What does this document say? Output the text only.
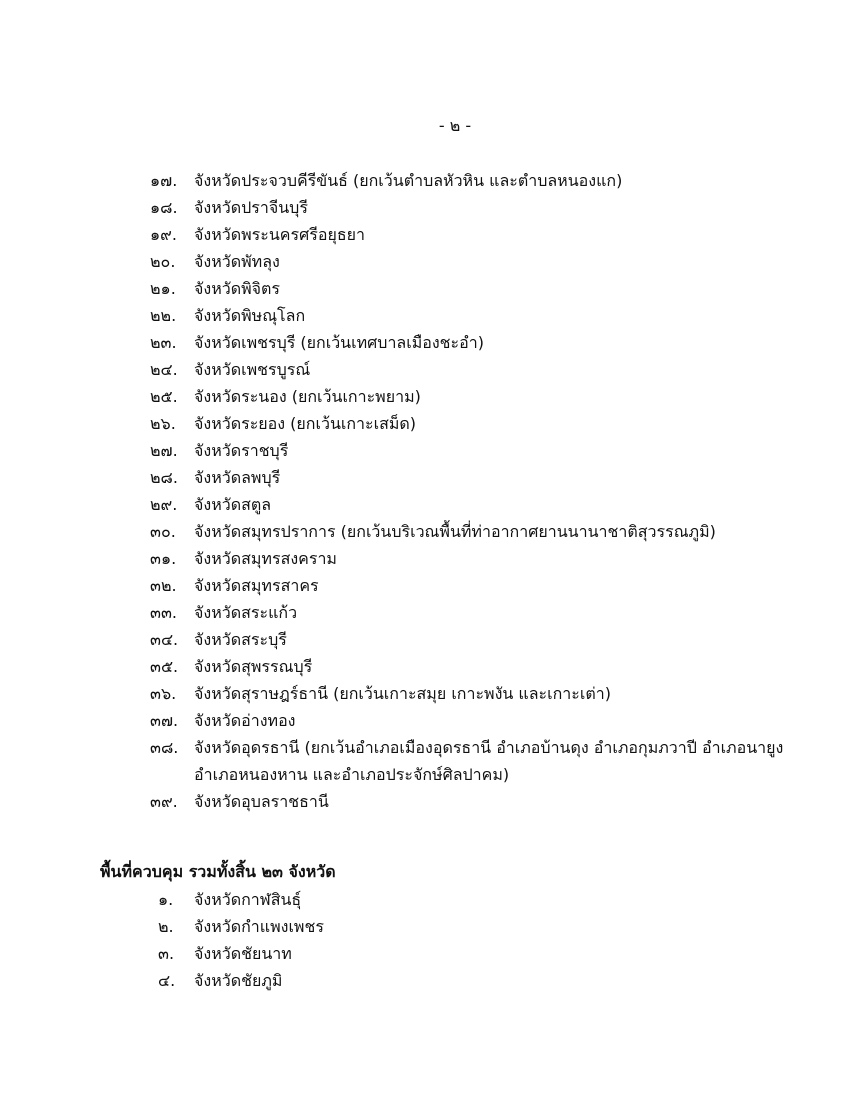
- ๒ -
๑๗.	จังหวัดประจวบคีรีขันธ์ (ยกเว้นตำบลหัวหิน และตำบลหนองแก)
๑๘.	จังหวัดปราจีนบุรี
๑๙.	จังหวัดพระนครศรีอยุธยา
๒๐.	จังหวัดพัทลุง
๒๑.	จังหวัดพิจิตร
๒๒.	จังหวัดพิษณุโลก
๒๓.	จังหวัดเพชรบุรี (ยกเว้นเทศบาลเมืองชะอำ)
๒๔.	จังหวัดเพชรบูรณ์
๒๕.	จังหวัดระนอง (ยกเว้นเกาะพยาม)
๒๖.	จังหวัดระยอง (ยกเว้นเกาะเสม็ด)
๒๗.	จังหวัดราชบุรี
๒๘.	จังหวัดลพบุรี
๒๙.	จังหวัดสตูล
๓๐.	จังหวัดสมุทรปราการ (ยกเว้นบริเวณพื้นที่ท่าอากาศยานนานาชาติสุวรรณภูมิ)
๓๑.	จังหวัดสมุทรสงคราม
๓๒.	จังหวัดสมุทรสาคร
๓๓.	จังหวัดสระแก้ว
๓๔. จังหวัดสระบุรี
๓๕. จังหวัดสุพรรณบุรี
๓๖.	จังหวัดสุราษฎร์ธานี (ยกเว้นเกาะสมุย เกาะพงัน และเกาะเต่า)
๓๗. จังหวัดอ่างทอง
๓๘. จังหวัดอุดรธานี (ยกเว้นอำเภอเมืองอุดรธานี อำเภอบ้านดุง อำเภอกุมภวาปี อำเภอนายูง
อำเภอหนองหาน และอำเภอประจักษ์ศิลปาคม)
๓๙.	จังหวัดอุบลราชธานี
พื้นที่ควบคุม รวมทั้งสิ้น ๒๓ จังหวัด
๑.	จังหวัดกาฬสินธุ์
๒.	จังหวัดกำแพงเพชร
๓.	จังหวัดชัยนาท
๔.	จังหวัดชัยภูมิ
